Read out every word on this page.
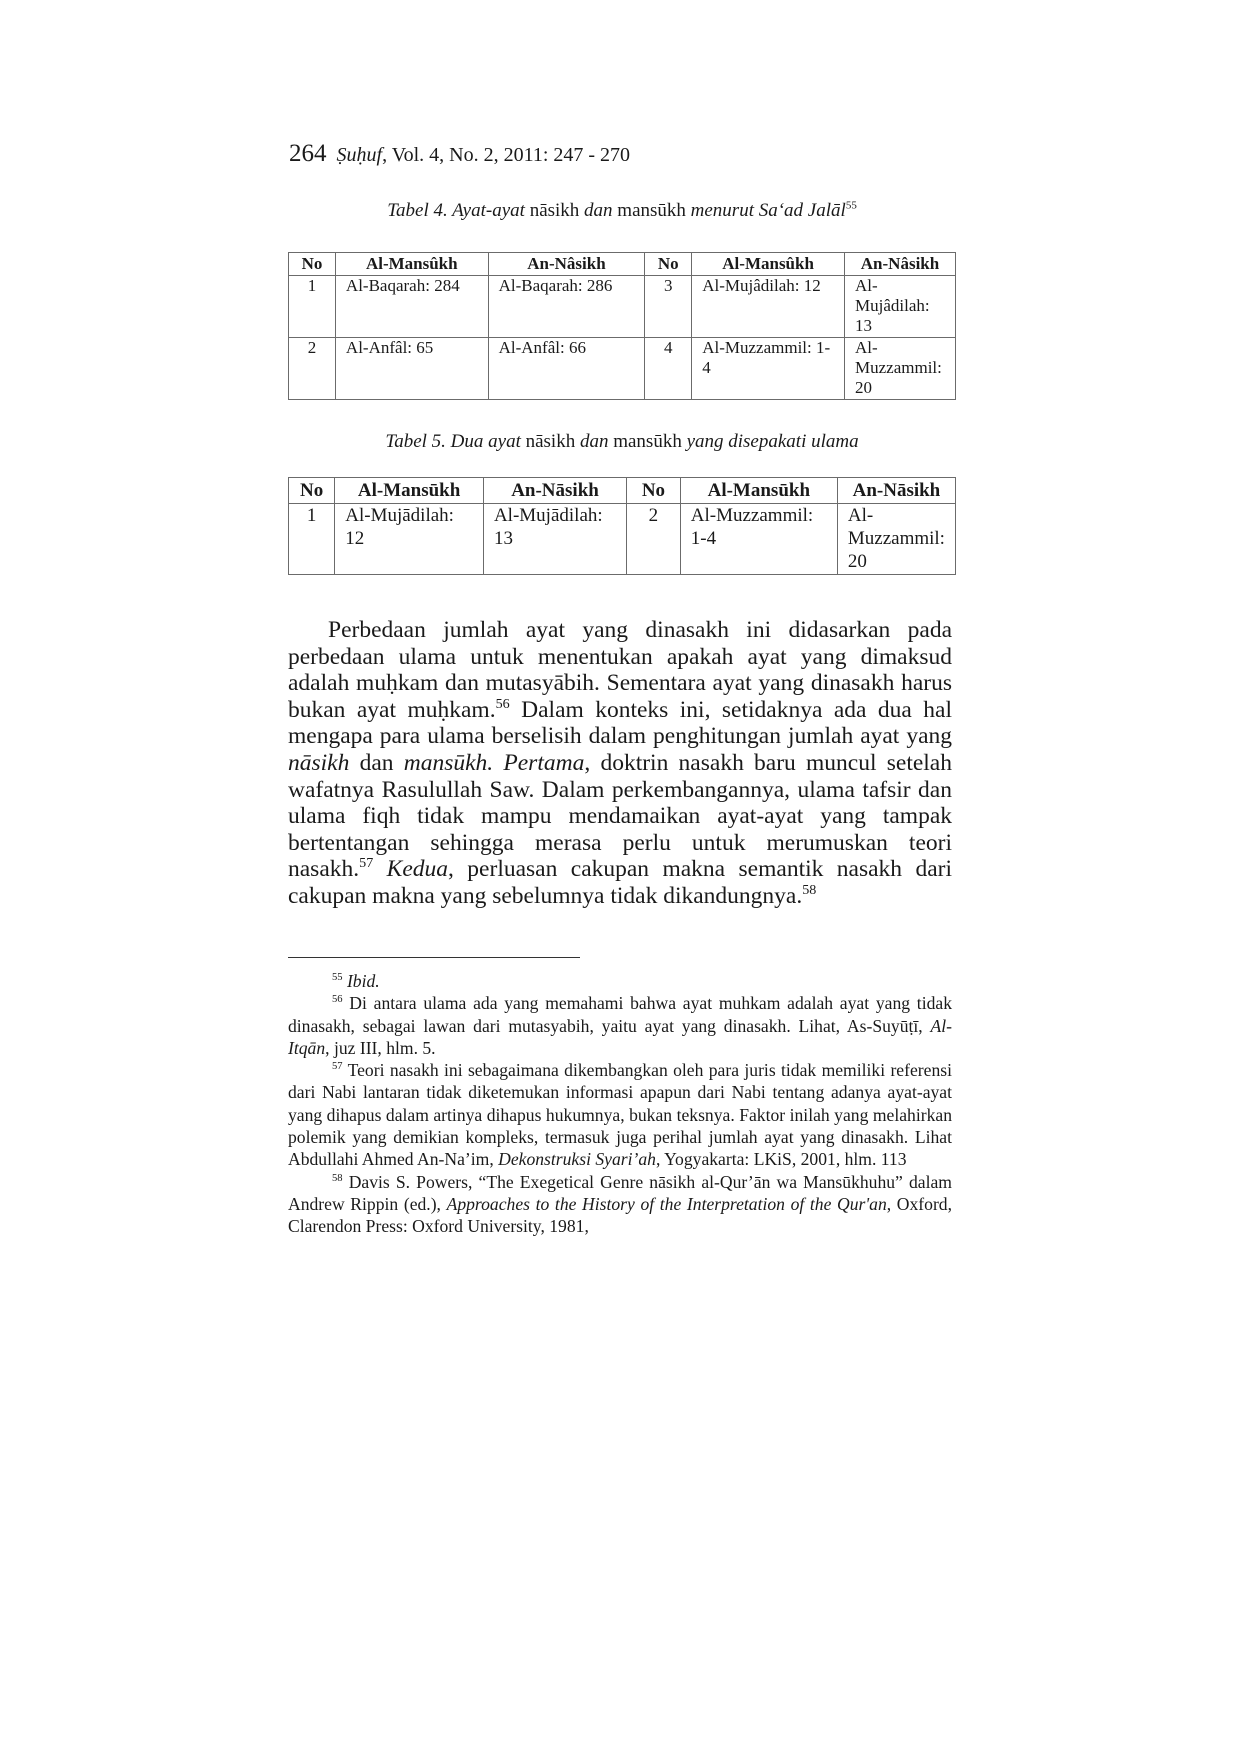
264 Ṣuḥuf, Vol. 4, No. 2, 2011: 247 - 270
Tabel 4. Ayat-ayat nāsikh dan mansūkh menurut Sa‘ad Jalāl$^{55}$
No	Al-Mansûkh	An-Nâsikh	No	Al-Mansûkh	An-Nâsikh
1	Al-Baqarah: 284	Al-Baqarah: 286	3	Al-Mujâdilah: 12	Al-Mujâdilah: 13
2	Al-Anfâl: 65	Al-Anfâl: 66	4	Al-Muzzammil: 1-4	Al-Muzzammil: 20
Tabel 5. Dua ayat nāsikh dan mansūkh yang disepakati ulama
No	Al-Mansūkh	An-Nāsikh	No	Al-Mansūkh	An-Nāsikh
1	Al-Mujādilah: 12	Al-Mujādilah: 13	2	Al-Muzzammil: 1-4	Al-Muzzammil: 20

Perbedaan jumlah ayat yang dinasakh ini didasarkan pada perbedaan ulama untuk menentukan apakah ayat yang dimaksud adalah muḥkam dan mutasyābih. Sementara ayat yang dinasakh harus bukan ayat muḥkam.$^{56}$ Dalam konteks ini, setidaknya ada dua hal mengapa para ulama berselisih dalam penghitungan jumlah ayat yang nāsikh dan mansūkh. Pertama, doktrin nasakh baru muncul setelah wafatnya Rasulullah Saw. Dalam perkembangannya, ulama tafsir dan ulama fiqh tidak mampu mendamaikan ayat-ayat yang tampak bertentangan sehingga merasa perlu untuk merumuskan teori nasakh.$^{57}$ Kedua, perluasan cakupan makna semantik nasakh dari cakupan makna yang sebelumnya tidak dikandungnya.$^{58}$

$^{55}$ Ibid.

$^{56}$ Di antara ulama ada yang memahami bahwa ayat muhkam adalah ayat yang tidak dinasakh, sebagai lawan dari mutasyabih, yaitu ayat yang dinasakh. Lihat, As-Suyūṭī, Al-Itqān, juz III, hlm. 5.

$^{57}$ Teori nasakh ini sebagaimana dikembangkan oleh para juris tidak memiliki referensi dari Nabi lantaran tidak diketemukan informasi apapun dari Nabi tentang adanya ayat-ayat yang dihapus dalam artinya dihapus hukumnya, bukan teksnya. Faktor inilah yang melahirkan polemik yang demikian kompleks, termasuk juga perihal jumlah ayat yang dinasakh. Lihat Abdullahi Ahmed An-Na’im, Dekonstruksi Syari’ah, Yogyakarta: LKiS, 2001, hlm. 113

$^{58}$ Davis S. Powers, “The Exegetical Genre nāsikh al-Qur’ān wa Mansūkhuhu” dalam Andrew Rippin (ed.), Approaches to the History of the Interpretation of the Qur'an, Oxford, Clarendon Press: Oxford University, 1981,
